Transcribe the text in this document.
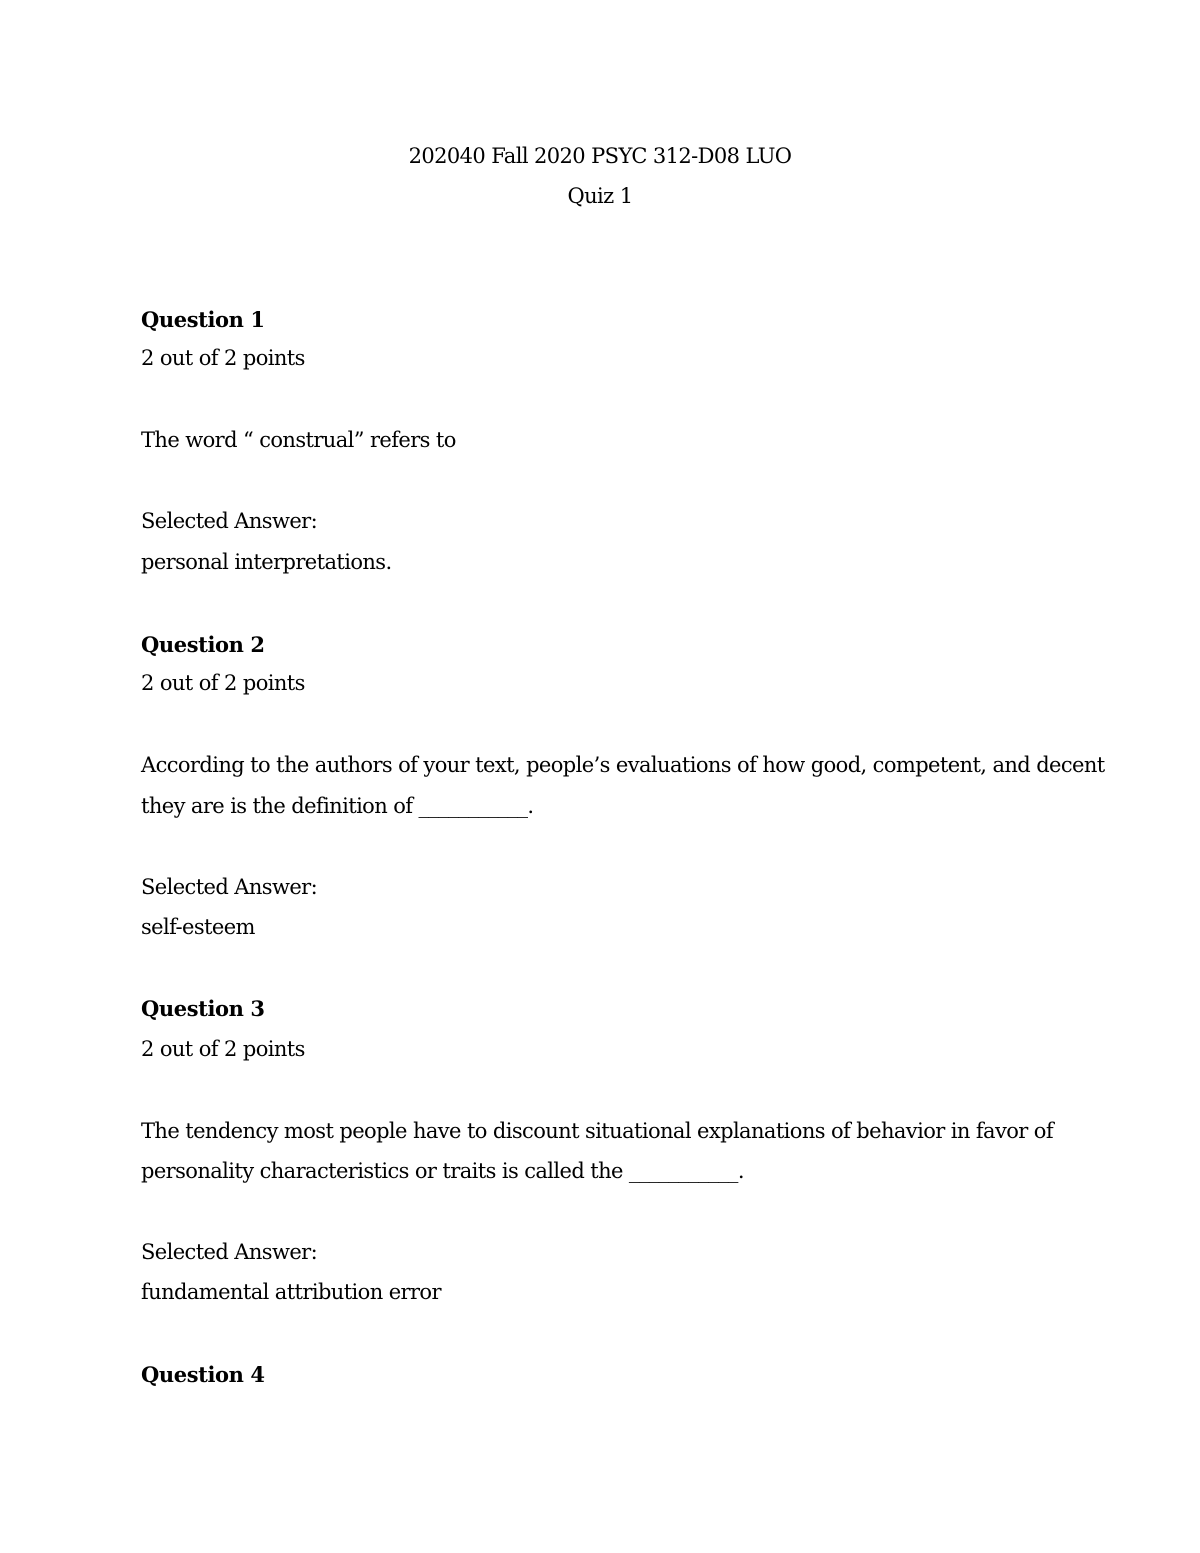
202040 Fall 2020 PSYC 312-D08 LUO
Quiz 1
Question 1
2 out of 2 points
The word “ construal” refers to
Selected Answer:
personal interpretations.
Question 2
2 out of 2 points
According to the authors of your text, people’s evaluations of how good, competent, and decent
they are is the definition of ___________.
Selected Answer:
self-esteem
Question 3
2 out of 2 points
The tendency most people have to discount situational explanations of behavior in favor of
personality characteristics or traits is called the ___________.
Selected Answer:
fundamental attribution error
Question 4
